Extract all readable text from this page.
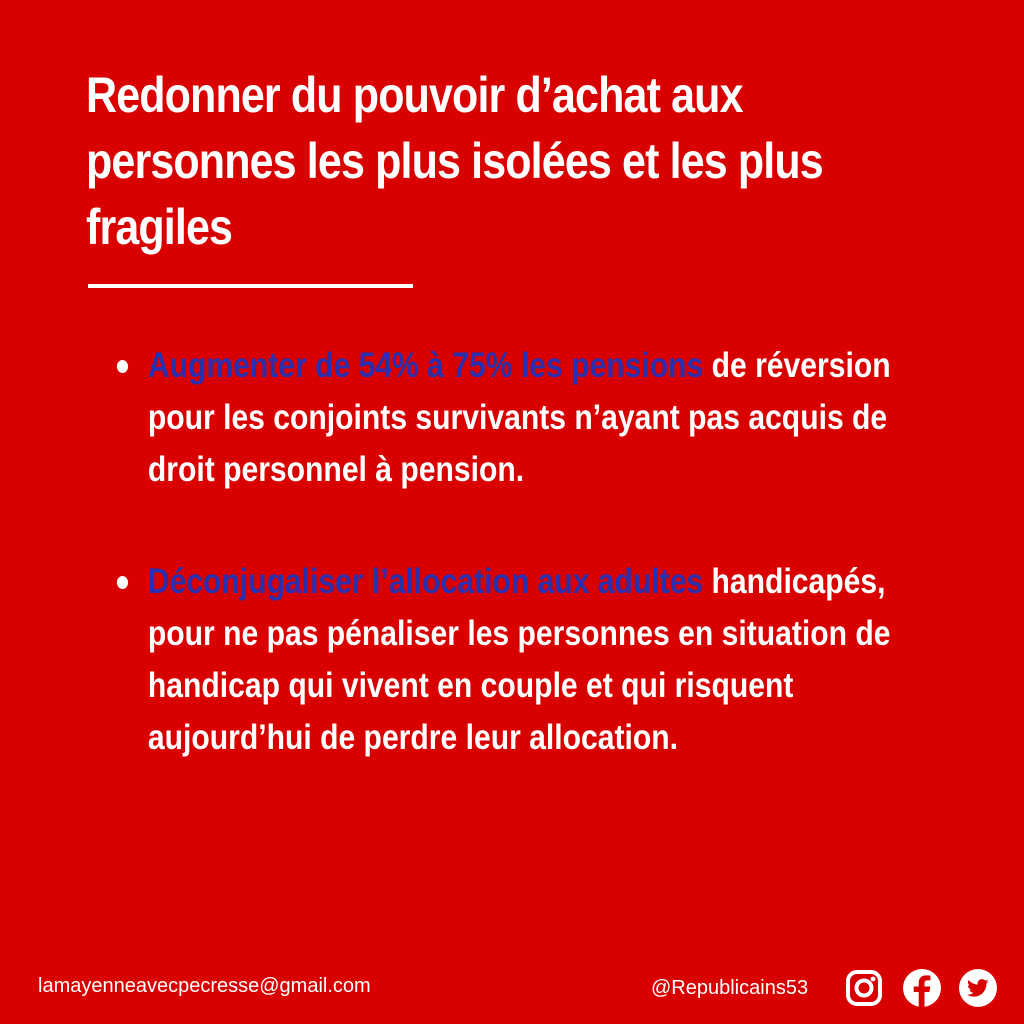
Redonner du pouvoir d’achat aux personnes les plus isolées et les plus fragiles
Augmenter de 54% à 75% les pensions de réversion pour les conjoints survivants n’ayant pas acquis de droit personnel à pension.
Déconjugaliser l’allocation aux adultes handicapés, pour ne pas pénaliser les personnes en situation de handicap qui vivent en couple et qui risquent aujourd’hui de perdre leur allocation.
lamayenneavecpecresse@gmail.com	@Republicains53
